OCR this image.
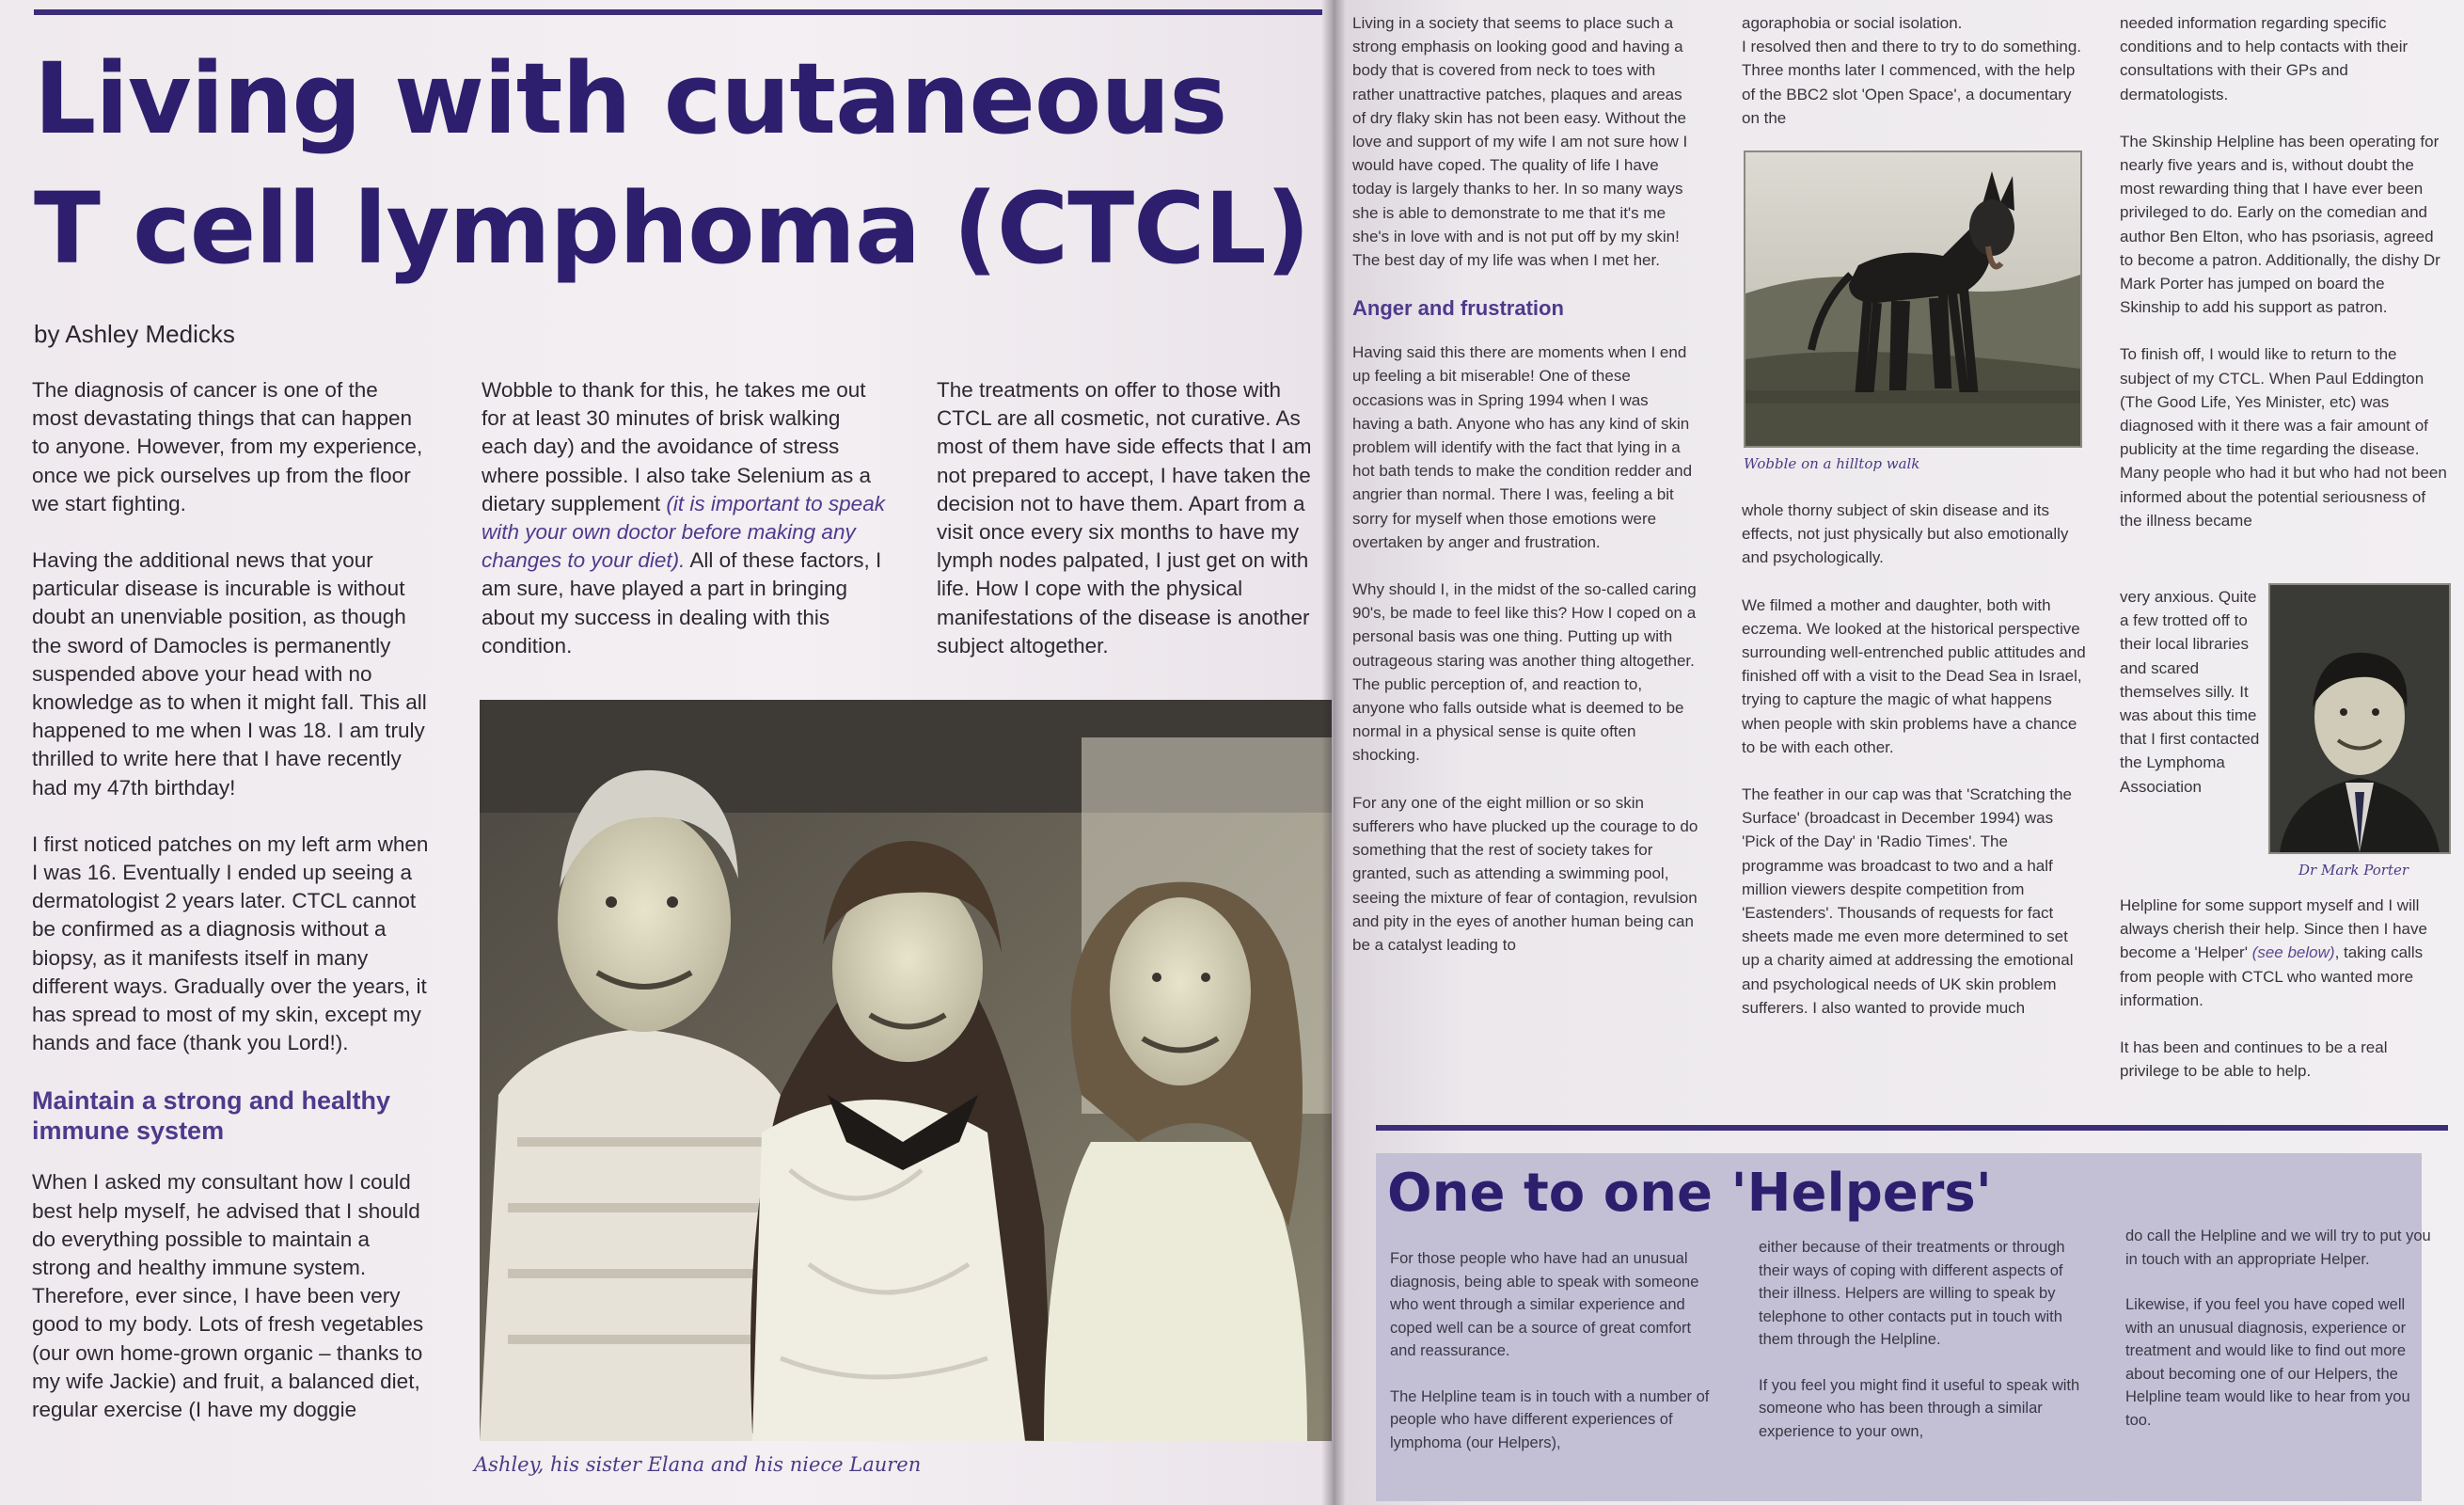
Living with cutaneous T cell lymphoma (CTCL)
by Ashley Medicks

The diagnosis of cancer is one of the most devastating things that can happen to anyone. However, from my experience, once we pick ourselves up from the floor we start fighting.

Having the additional news that your particular disease is incurable is without doubt an unenviable position, as though the sword of Damocles is permanently suspended above your head with no knowledge as to when it might fall. This all happened to me when I was 18. I am truly thrilled to write here that I have recently had my 47th birthday!

I first noticed patches on my left arm when I was 16. Eventually I ended up seeing a dermatologist 2 years later. CTCL cannot be confirmed as a diagnosis without a biopsy, as it manifests itself in many different ways. Gradually over the years, it has spread to most of my skin, except my hands and face (thank you Lord!).

Maintain a strong and healthy immune system

When I asked my consultant how I could best help myself, he advised that I should do everything possible to maintain a strong and healthy immune system. Therefore, ever since, I have been very good to my body. Lots of fresh vegetables (our own home-grown organic – thanks to my wife Jackie) and fruit, a balanced diet, regular exercise (I have my doggie

Wobble to thank for this, he takes me out for at least 30 minutes of brisk walking each day) and the avoidance of stress where possible. I also take Selenium as a dietary supplement (it is important to speak with your own doctor before making any changes to your diet). All of these factors, I am sure, have played a part in bringing about my success in dealing with this condition.

The treatments on offer to those with CTCL are all cosmetic, not curative. As most of them have side effects that I am not prepared to accept, I have taken the decision not to have them. Apart from a visit once every six months to have my lymph nodes palpated, I just get on with life. How I cope with the physical manifestations of the disease is another subject altogether.

Ashley, his sister Elana and his niece Lauren

Living in a society that seems to place such a strong emphasis on looking good and having a body that is covered from neck to toes with rather unattractive patches, plaques and areas of dry flaky skin has not been easy. Without the love and support of my wife I am not sure how I would have coped. The quality of life I have today is largely thanks to her. In so many ways she is able to demonstrate to me that it's me she's in love with and is not put off by my skin! The best day of my life was when I met her.

Anger and frustration

Having said this there are moments when I end up feeling a bit miserable! One of these occasions was in Spring 1994 when I was having a bath. Anyone who has any kind of skin problem will identify with the fact that lying in a hot bath tends to make the condition redder and angrier than normal. There I was, feeling a bit sorry for myself when those emotions were overtaken by anger and frustration.

Why should I, in the midst of the so-called caring 90's, be made to feel like this? How I coped on a personal basis was one thing. Putting up with outrageous staring was another thing altogether. The public perception of, and reaction to, anyone who falls outside what is deemed to be normal in a physical sense is quite often shocking.

For any one of the eight million or so skin sufferers who have plucked up the courage to do something that the rest of society takes for granted, such as attending a swimming pool, seeing the mixture of fear of contagion, revulsion and pity in the eyes of another human being can be a catalyst leading to

agoraphobia or social isolation.

I resolved then and there to try to do something. Three months later I commenced, with the help of the BBC2 slot 'Open Space', a documentary on the

Wobble on a hilltop walk

whole thorny subject of skin disease and its effects, not just physically but also emotionally and psychologically.

We filmed a mother and daughter, both with eczema. We looked at the historical perspective surrounding well-entrenched public attitudes and finished off with a visit to the Dead Sea in Israel, trying to capture the magic of what happens when people with skin problems have a chance to be with each other.

The feather in our cap was that 'Scratching the Surface' (broadcast in December 1994) was 'Pick of the Day' in 'Radio Times'. The programme was broadcast to two and a half million viewers despite competition from 'Eastenders'. Thousands of requests for fact sheets made me even more determined to set up a charity aimed at addressing the emotional and psychological needs of UK skin problem sufferers. I also wanted to provide much

needed information regarding specific conditions and to help contacts with their consultations with their GPs and dermatologists.

The Skinship Helpline has been operating for nearly five years and is, without doubt the most rewarding thing that I have ever been privileged to do. Early on the comedian and author Ben Elton, who has psoriasis, agreed to become a patron. Additionally, the dishy Dr Mark Porter has jumped on board the Skinship to add his support as patron.

To finish off, I would like to return to the subject of my CTCL. When Paul Eddington (The Good Life, Yes Minister, etc) was diagnosed with it there was a fair amount of publicity at the time regarding the disease. Many people who had it but who had not been informed about the potential seriousness of the illness became

very anxious. Quite a few trotted off to their local libraries and scared themselves silly. It was about this time that I first contacted the Lymphoma Association

Dr Mark Porter

Helpline for some support myself and I will always cherish their help. Since then I have become a 'Helper' (see below), taking calls from people with CTCL who wanted more information.

It has been and continues to be a real privilege to be able to help.

One to one 'Helpers'

For those people who have had an unusual diagnosis, being able to speak with someone who went through a similar experience and coped well can be a source of great comfort and reassurance.

The Helpline team is in touch with a number of people who have different experiences of lymphoma (our Helpers),

either because of their treatments or through their ways of coping with different aspects of their illness. Helpers are willing to speak by telephone to other contacts put in touch with them through the Helpline.

If you feel you might find it useful to speak with someone who has been through a similar experience to your own,

do call the Helpline and we will try to put you in touch with an appropriate Helper.

Likewise, if you feel you have coped well with an unusual diagnosis, experience or treatment and would like to find out more about becoming one of our Helpers, the Helpline team would like to hear from you too.
